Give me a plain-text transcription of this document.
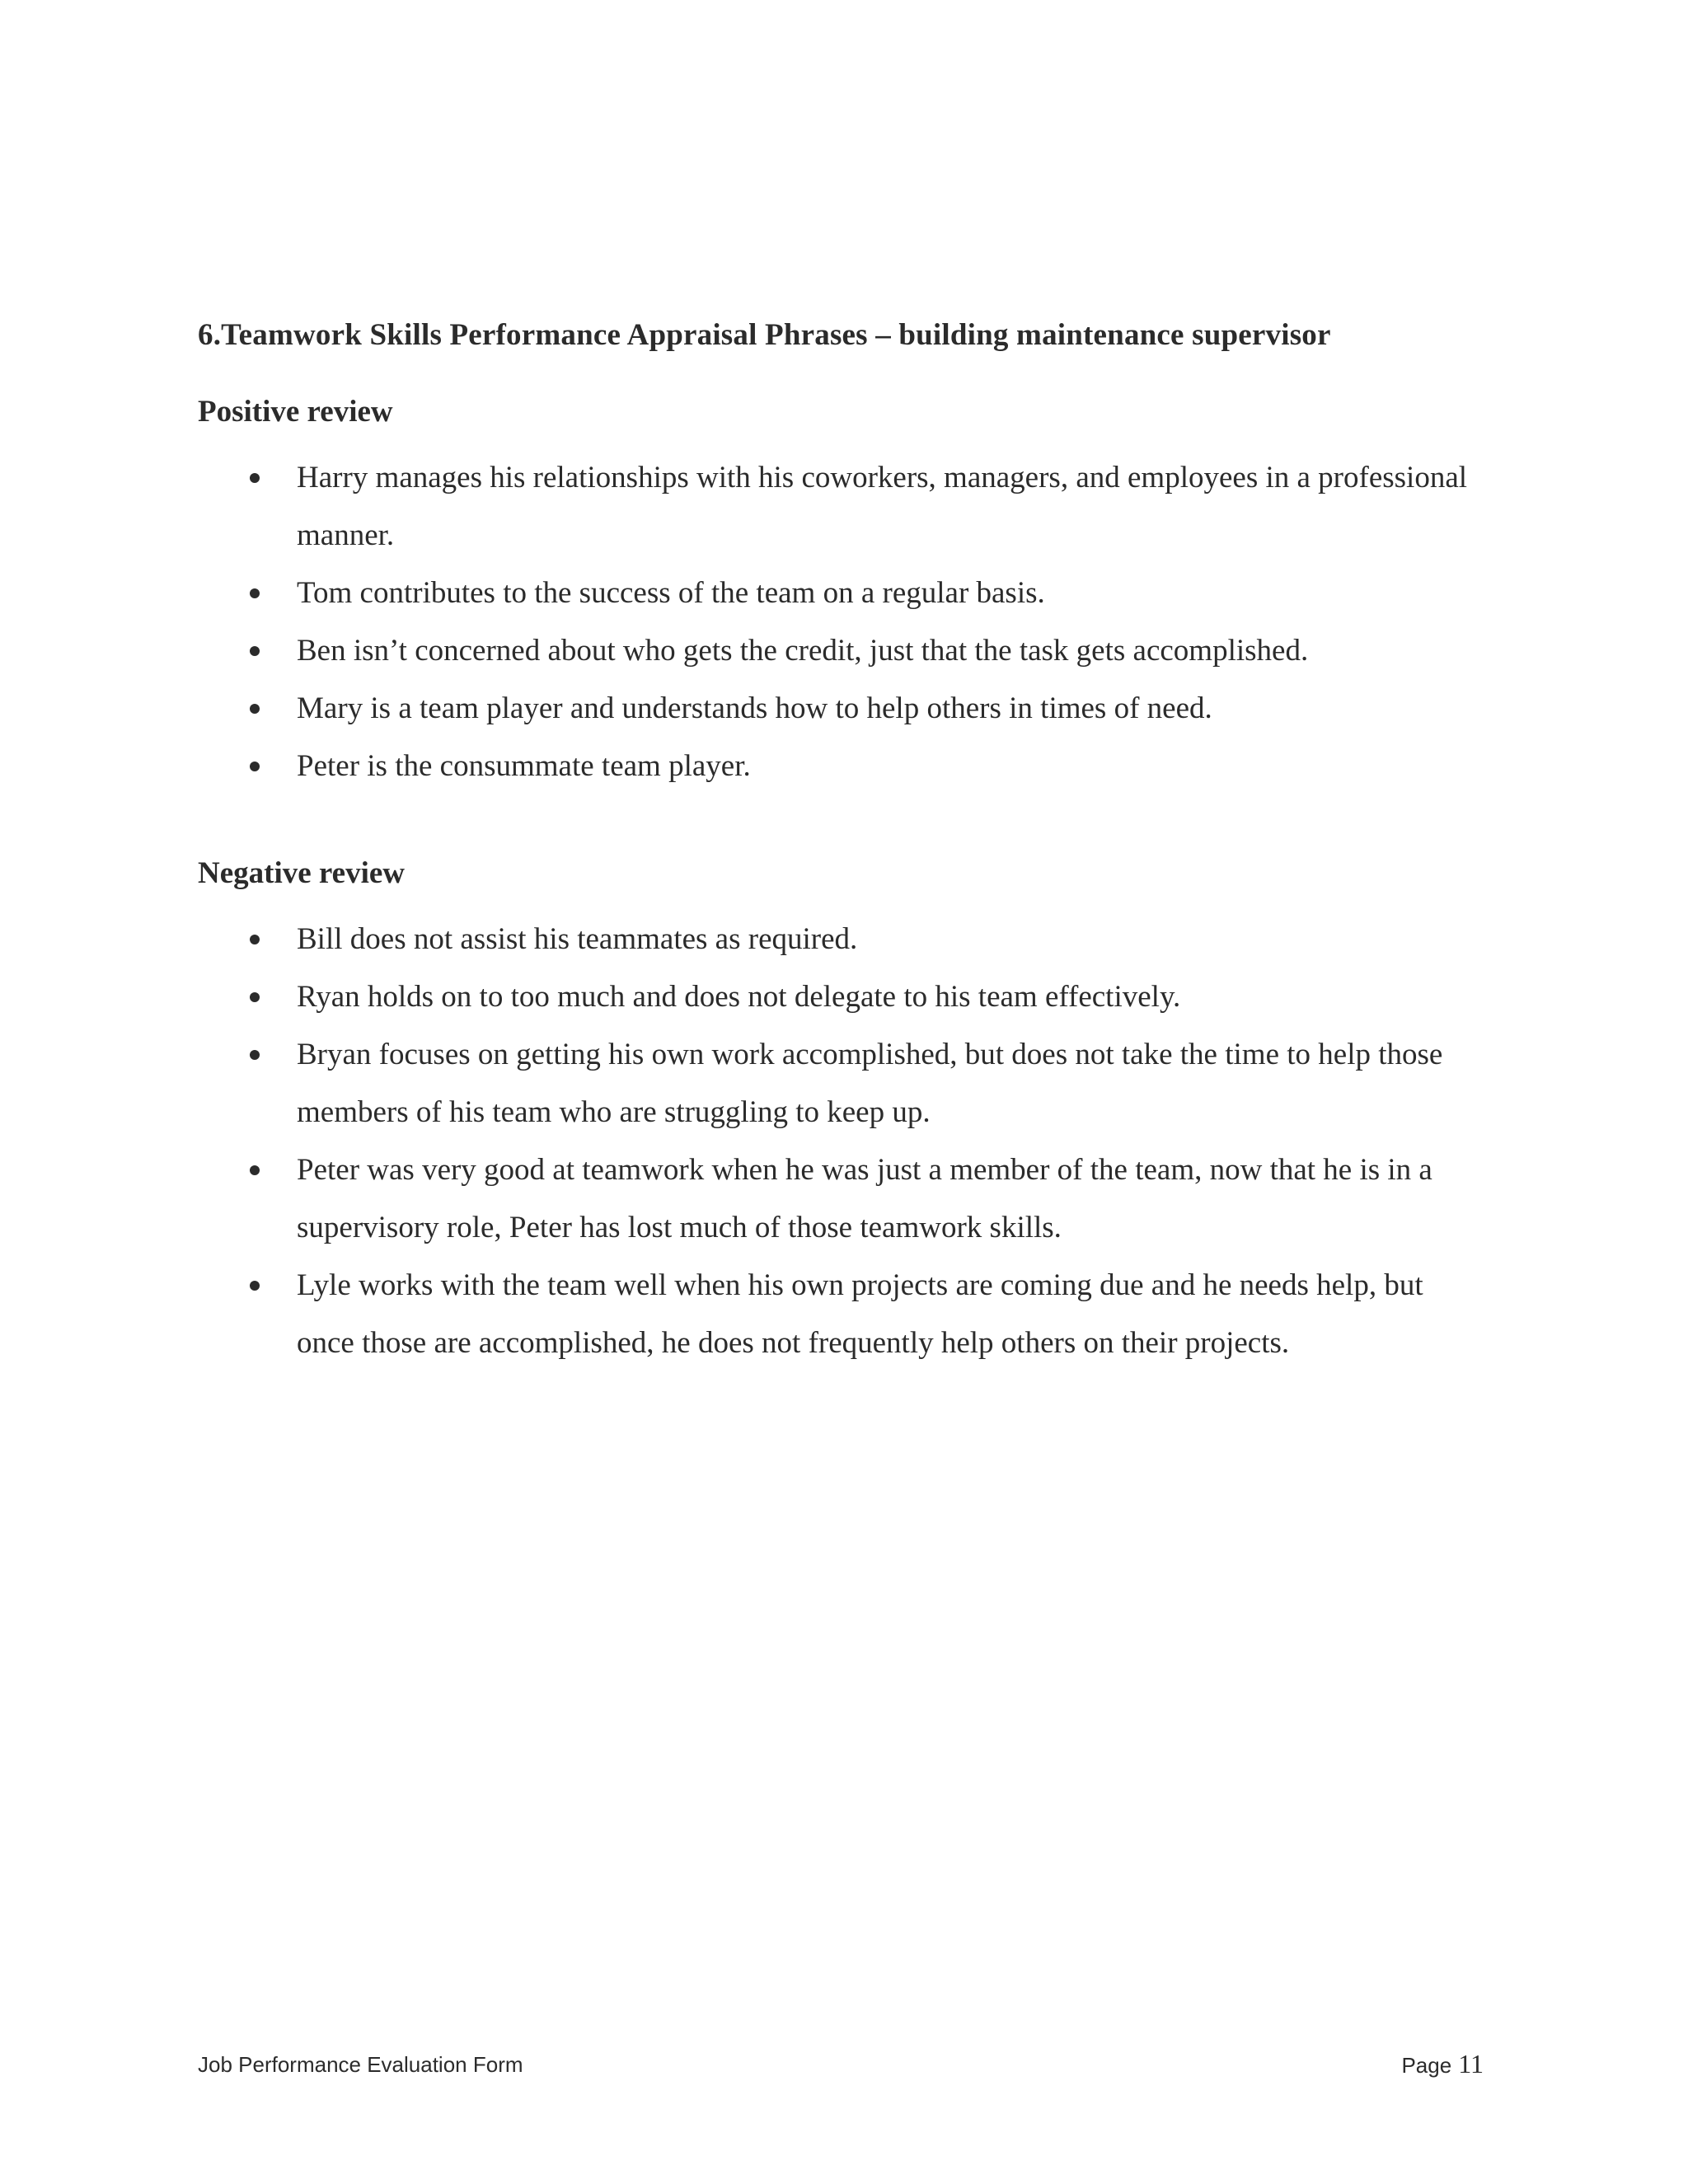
6.Teamwork Skills Performance Appraisal Phrases – building maintenance supervisor
Positive review
Harry manages his relationships with his coworkers, managers, and employees in a professional manner.
Tom contributes to the success of the team on a regular basis.
Ben isn’t concerned about who gets the credit, just that the task gets accomplished.
Mary is a team player and understands how to help others in times of need.
Peter is the consummate team player.
Negative review
Bill does not assist his teammates as required.
Ryan holds on to too much and does not delegate to his team effectively.
Bryan focuses on getting his own work accomplished, but does not take the time to help those members of his team who are struggling to keep up.
Peter was very good at teamwork when he was just a member of the team, now that he is in a supervisory role, Peter has lost much of those teamwork skills.
Lyle works with the team well when his own projects are coming due and he needs help, but once those are accomplished, he does not frequently help others on their projects.
Job Performance Evaluation Form	Page 11
